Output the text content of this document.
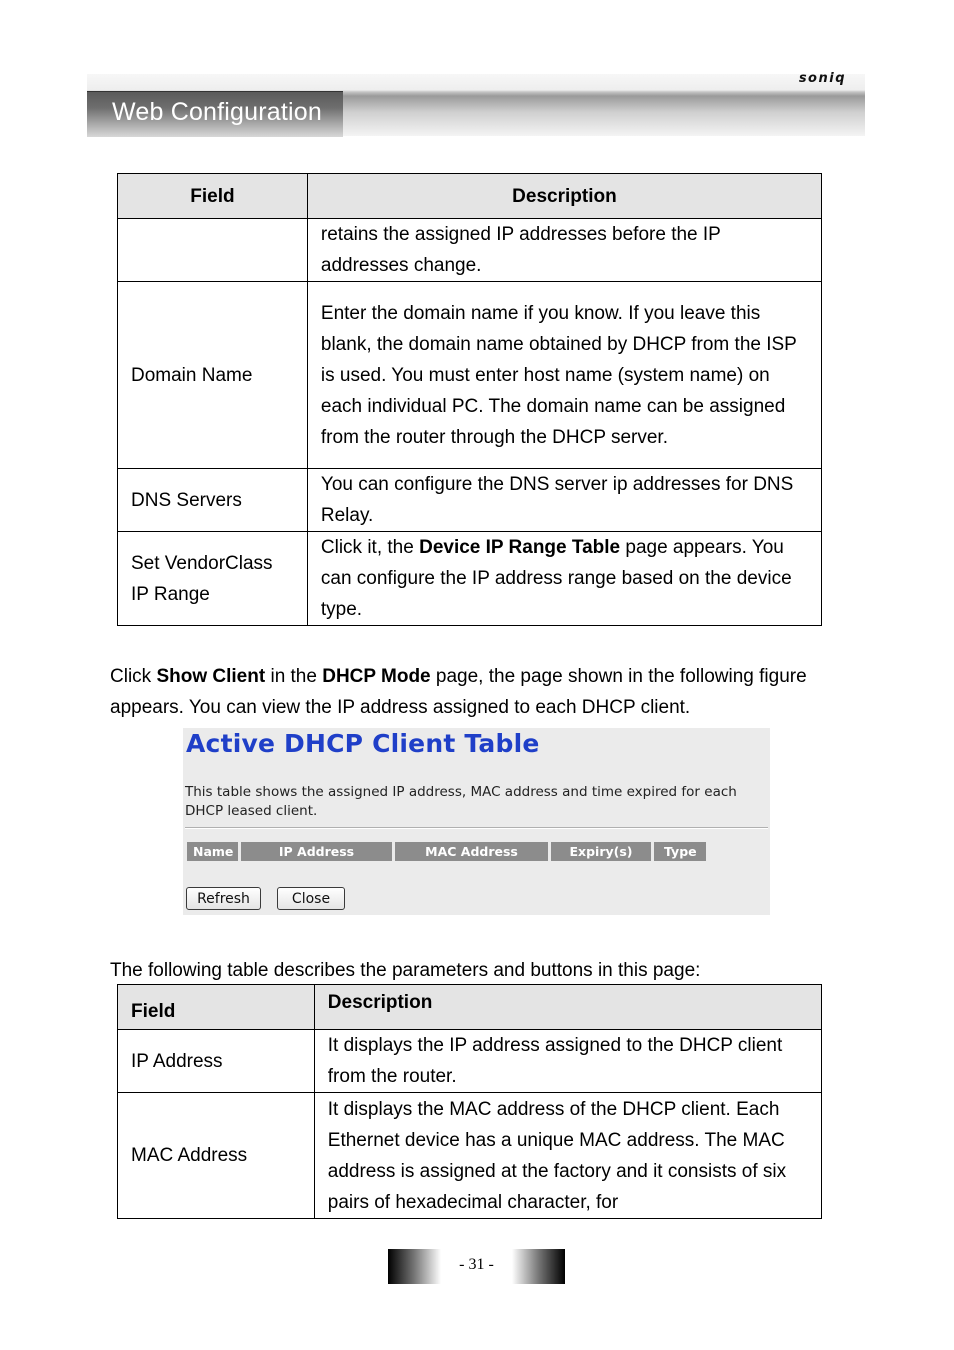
Web Configuration
soniq
Field	Description
	retains the assigned IP addresses before the IP addresses change.
Domain Name	Enter the domain name if you know. If you leave this blank, the domain name obtained by DHCP from the ISP is used. You must enter host name (system name) on each individual PC. The domain name can be assigned from the router through the DHCP server.
DNS Servers	You can configure the DNS server ip addresses for DNS Relay.
Set VendorClass IP Range	Click it, the Device IP Range Table page appears. You can configure the IP address range based on the device type.
Click Show Client in the DHCP Mode page, the page shown in the following figure
appears. You can view the IP address assigned to each DHCP client.
Active DHCP Client Table
This table shows the assigned IP address, MAC address and time expired for each DHCP leased client.
Name	IP Address	MAC Address	Expiry(s)	Type
Refresh	Close
The following table describes the parameters and buttons in this page:
Field	Description
IP Address	It displays the IP address assigned to the DHCP client from the router.
MAC Address	It displays the MAC address of the DHCP client. Each Ethernet device has a unique MAC address. The MAC address is assigned at the factory and it consists of six pairs of hexadecimal character, for
- 31 -
